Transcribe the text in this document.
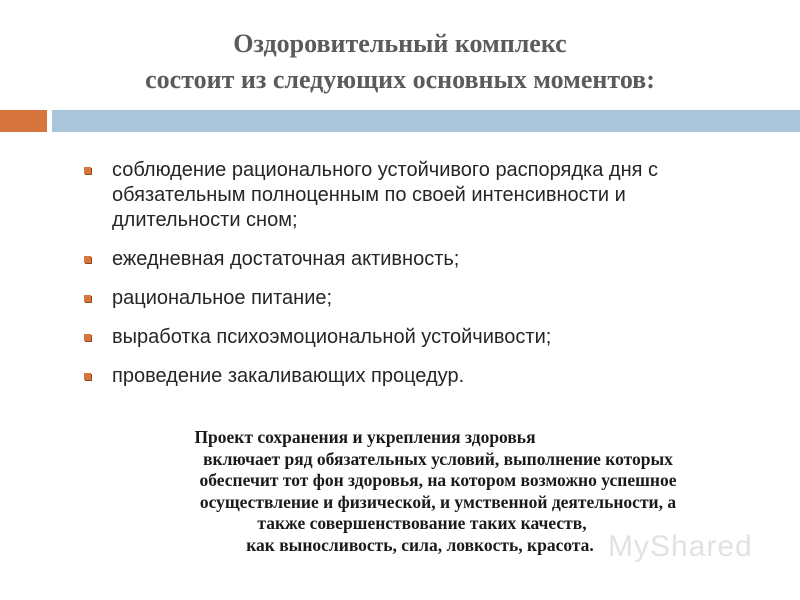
Оздоровительный комплекс
состоит из следующих основных моментов:
соблюдение рационального устойчивого распорядка дня с обязательным полноценным по своей интенсивности и длительности сном;
ежедневная достаточная активность;
рациональное питание;
выработка психоэмоциональной устойчивости;
проведение закаливающих процедур.
Проект сохранения и укрепления здоровья
включает ряд обязательных условий, выполнение которых
обеспечит тот фон здоровья, на котором возможно успешное
осуществление и физической, и умственной деятельности, а
также совершенствование таких качеств,
как выносливость, сила, ловкость, красота. MyShared
